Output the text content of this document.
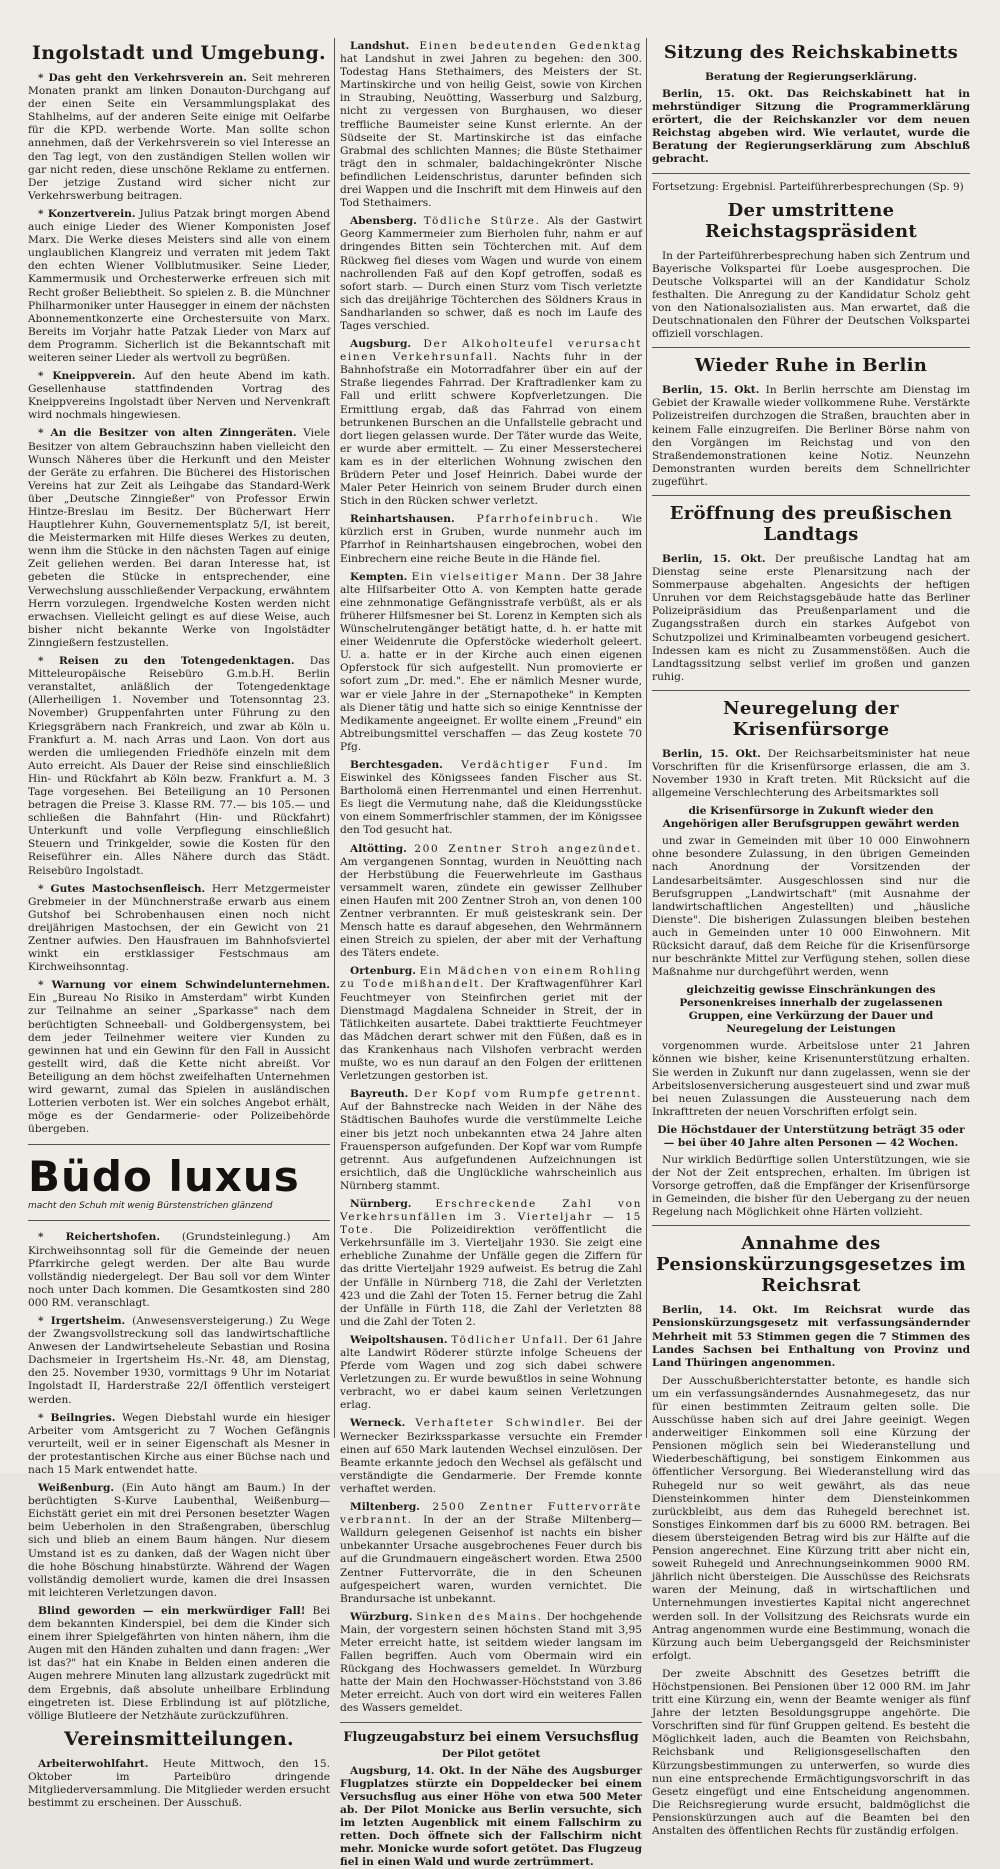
Ingolstadt und Umgebung.

* Das geht den Verkehrsverein an. Seit mehreren Monaten prankt am linken Donauton-Durchgang auf der einen Seite ein Versammlungsplakat des Stahlhelms, auf der anderen Seite einige mit Oelfarbe für die KPD. werbende Worte. Man sollte schon annehmen, daß der Verkehrsverein so viel Interesse an den Tag legt, von den zuständigen Stellen wollen wir gar nicht reden, diese unschöne Reklame zu entfernen. Der jetzige Zustand wird sicher nicht zur Verkehrswerbung beitragen.

* Konzertverein. Julius Patzak bringt morgen Abend auch einige Lieder des Wiener Komponisten Josef Marx. Die Werke dieses Meisters sind alle von einem unglaublichen Klangreiz und verraten mit jedem Takt den echten Wiener Vollblutmusiker. Seine Lieder, Kammermusik und Orchesterwerke erfreuen sich mit Recht großer Beliebtheit. So spielen z. B. die Münchner Philharmoniker unter Hausegger in einem der nächsten Abonnementkonzerte eine Orchestersuite von Marx. Bereits im Vorjahr hatte Patzak Lieder von Marx auf dem Programm. Sicherlich ist die Bekanntschaft mit weiteren seiner Lieder als wertvoll zu begrüßen.

* Kneippverein. Auf den heute Abend im kath. Gesellenhause stattfindenden Vortrag des Kneippvereins Ingolstadt über Nerven und Nervenkraft wird nochmals hingewiesen.

* An die Besitzer von alten Zinngeräten. Viele Besitzer von altem Gebrauchszinn haben vielleicht den Wunsch Näheres über die Herkunft und den Meister der Geräte zu erfahren. Die Bücherei des Historischen Vereins hat zur Zeit als Leihgabe das Standard-Werk über „Deutsche Zinngießer" von Professor Erwin Hintze-Breslau im Besitz. Der Bücherwart Herr Hauptlehrer Kuhn, Gouvernementsplatz 5/I, ist bereit, die Meistermarken mit Hilfe dieses Werkes zu deuten, wenn ihm die Stücke in den nächsten Tagen auf einige Zeit geliehen werden. Bei daran Interesse hat, ist gebeten die Stücke in entsprechender, eine Verwechslung ausschließender Verpackung, erwähntem Herrn vorzulegen. Irgendwelche Kosten werden nicht erwachsen. Vielleicht gelingt es auf diese Weise, auch bisher nicht bekannte Werke von Ingolstädter Zinngießern festzustellen.

* Reisen zu den Totengedenktagen. Das Mitteleuropäische Reisebüro G.m.b.H. Berlin veranstaltet, anläßlich der Totengedenktage (Allerheiligen 1. November und Totensonntag 23. November) Gruppenfahrten unter Führung zu den Kriegsgräbern nach Frankreich, und zwar ab Köln u. Frankfurt a. M. nach Arras und Laon. Von dort aus werden die umliegenden Friedhöfe einzeln mit dem Auto erreicht. Als Dauer der Reise sind einschließlich Hin- und Rückfahrt ab Köln bezw. Frankfurt a. M. 3 Tage vorgesehen. Bei Beteiligung an 10 Personen betragen die Preise 3. Klasse RM. 77.— bis 105.— und schließen die Bahnfahrt (Hin- und Rückfahrt) Unterkunft und volle Verpflegung einschließlich Steuern und Trinkgelder, sowie die Kosten für den Reiseführer ein. Alles Nähere durch das Städt. Reisebüro Ingolstadt.

* Gutes Mastochsenfleisch. Herr Metzgermeister Grebmeier in der Münchnerstraße erwarb aus einem Gutshof bei Schrobenhausen einen noch nicht dreijährigen Mastochsen, der ein Gewicht von 21 Zentner aufwies. Den Hausfrauen im Bahnhofsviertel winkt ein erstklassiger Festschmaus am Kirchweihsonntag.

* Warnung vor einem Schwindelunternehmen. Ein „Bureau No Risiko in Amsterdam" wirbt Kunden zur Teilnahme an seiner „Sparkasse" nach dem berüchtigten Schneeball- und Goldbergensystem, bei dem jeder Teilnehmer weitere vier Kunden zu gewinnen hat und ein Gewinn für den Fall in Aussicht gestellt wird, daß die Kette nicht abreißt. Vor Beteiligung an dem höchst zweifelhaften Unternehmen wird gewarnt, zumal das Spielen in ausländischen Lotterien verboten ist. Wer ein solches Angebot erhält, möge es der Gendarmerie- oder Polizeibehörde übergeben.

Büdo luxus
macht den Schuh mit wenig Bürstenstrichen glänzend

* Reichertshofen. (Grundsteinlegung.) Am Kirchweihsonntag soll für die Gemeinde der neuen Pfarrkirche gelegt werden. Der alte Bau wurde vollständig niedergelegt. Der Bau soll vor dem Winter noch unter Dach kommen. Die Gesamtkosten sind 280 000 RM. veranschlagt.

* Irgertsheim. (Anwesensversteigerung.) Zu Wege der Zwangsvollstreckung soll das landwirtschaftliche Anwesen der Landwirtseheleute Sebastian und Rosina Dachsmeier in Irgertsheim Hs.-Nr. 48, am Dienstag, den 25. November 1930, vormittags 9 Uhr im Notariat Ingolstadt II, Harderstraße 22/I öffentlich versteigert werden.

* Beilngries. Wegen Diebstahl wurde ein hiesiger Arbeiter vom Amtsgericht zu 7 Wochen Gefängnis verurteilt, weil er in seiner Eigenschaft als Mesner in der protestantischen Kirche aus einer Büchse nach und nach 15 Mark entwendet hatte.

Weißenburg. (Ein Auto hängt am Baum.) In der berüchtigten S-Kurve Laubenthal, Weißenburg—Eichstätt geriet ein mit drei Personen besetzter Wagen beim Ueberholen in den Straßengraben, überschlug sich und blieb an einem Baum hängen. Nur diesem Umstand ist es zu danken, daß der Wagen nicht über die hohe Böschung hinabstürzte. Während der Wagen vollständig demoliert wurde, kamen die drei Insassen mit leichteren Verletzungen davon.

Blind geworden — ein merkwürdiger Fall! Bei dem bekannten Kinderspiel, bei dem die Kinder sich einem ihrer Spielgefährten von hinten nähern, ihm die Augen mit den Händen zuhalten und dann fragen: „Wer ist das?" hat ein Knabe in Belden einen anderen die Augen mehrere Minuten lang allzustark zugedrückt mit dem Ergebnis, daß absolute unheilbare Erblindung eingetreten ist. Diese Erblindung ist auf plötzliche, völlige Blutleere der Netzhäute zurückzuführen.

Vereinsmitteilungen.

Arbeiterwohlfahrt. Heute Mittwoch, den 15. Oktober im Parteibüro dringende Mitgliederversammlung. Die Mitglieder werden ersucht bestimmt zu erscheinen. Der Ausschuß.

Landshut. Einen bedeutenden Gedenktag hat Landshut in zwei Jahren zu begehen: den 300. Todestag Hans Stethaimers, des Meisters der St. Martinskirche und von heilig Geist, sowie von Kirchen in Straubing, Neuötting, Wasserburg und Salzburg, nicht zu vergessen von Burghausen, wo dieser treffliche Baumeister seine Kunst erlernte. An der Südseite der St. Martinskirche ist das einfache Grabmal des schlichten Mannes; die Büste Stethaimer trägt den in schmaler, baldachingekrönter Nische befindlichen Leidenschristus, darunter befinden sich drei Wappen und die Inschrift mit dem Hinweis auf den Tod Stethaimers.

Abensberg. Tödliche Stürze. Als der Gastwirt Georg Kammermeier zum Bierholen fuhr, nahm er auf dringendes Bitten sein Töchterchen mit. Auf dem Rückweg fiel dieses vom Wagen und wurde von einem nachrollenden Faß auf den Kopf getroffen, sodaß es sofort starb. — Durch einen Sturz vom Tisch verletzte sich das dreijährige Töchterchen des Söldners Kraus in Sandharlanden so schwer, daß es noch im Laufe des Tages verschied.

Augsburg. Der Alkoholteufel verursacht einen Verkehrsunfall. Nachts fuhr in der Bahnhofstraße ein Motorradfahrer über ein auf der Straße liegendes Fahrrad. Der Kraftradlenker kam zu Fall und erlitt schwere Kopfverletzungen. Die Ermittlung ergab, daß das Fahrrad von einem betrunkenen Burschen an die Unfallstelle gebracht und dort liegen gelassen wurde. Der Täter wurde das Weite, er wurde aber ermittelt. — Zu einer Messerstecherei kam es in der elterlichen Wohnung zwischen den Brüdern Peter und Josef Heinrich. Dabei wurde der Maler Peter Heinrich von seinem Bruder durch einen Stich in den Rücken schwer verletzt.

Reinhartshausen. Pfarrhofeinbruch. Wie kürzlich erst in Gruben, wurde nunmehr auch im Pfarrhof in Reinhartshausen eingebrochen, wobei den Einbrechern eine reiche Beute in die Hände fiel.

Kempten. Ein vielseitiger Mann. Der 38 Jahre alte Hilfsarbeiter Otto A. von Kempten hatte gerade eine zehnmonatige Gefängnisstrafe verbüßt, als er als früherer Hilfsmesner bei St. Lorenz in Kempten sich als Wünschelrutengänger betätigt hatte, d. h. er hatte mit einer Weidenrute die Opferstöcke wiederholt geleert. U. a. hatte er in der Kirche auch einen eigenen Opferstock für sich aufgestellt. Nun promovierte er sofort zum „Dr. med.". Ehe er nämlich Mesner wurde, war er viele Jahre in der „Sternapotheke" in Kempten als Diener tätig und hatte sich so einige Kenntnisse der Medikamente angeeignet. Er wollte einem „Freund" ein Abtreibungsmittel verschaffen — das Zeug kostete 70 Pfg.

Berchtesgaden. Verdächtiger Fund. Im Eiswinkel des Königssees fanden Fischer aus St. Bartholomä einen Herrenmantel und einen Herrenhut. Es liegt die Vermutung nahe, daß die Kleidungsstücke von einem Sommerfrischler stammen, der im Königssee den Tod gesucht hat.

Altötting. 200 Zentner Stroh angezündet. Am vergangenen Sonntag, wurden in Neuötting nach der Herbstübung die Feuerwehrleute im Gasthaus versammelt waren, zündete ein gewisser Zellhuber einen Haufen mit 200 Zentner Stroh an, von denen 100 Zentner verbrannten. Er muß geisteskrank sein. Der Mensch hatte es darauf abgesehen, den Wehrmännern einen Streich zu spielen, der aber mit der Verhaftung des Täters endete.

Ortenburg. Ein Mädchen von einem Rohling zu Tode mißhandelt. Der Kraftwagenführer Karl Feuchtmeyer von Steinfirchen geriet mit der Dienstmagd Magdalena Schneider in Streit, der in Tätlichkeiten ausartete. Dabei trakttierte Feuchtmeyer das Mädchen derart schwer mit den Füßen, daß es in das Krankenhaus nach Vilshofen verbracht werden mußte, wo es nun darauf an den Folgen der erlittenen Verletzungen gestorben ist.

Bayreuth. Der Kopf vom Rumpfe getrennt. Auf der Bahnstrecke nach Weiden in der Nähe des Städtischen Bauhofes wurde die verstümmelte Leiche einer bis jetzt noch unbekannten etwa 24 Jahre alten Frauensperson aufgefunden. Der Kopf war vom Rumpfe getrennt. Aus aufgefundenen Aufzeichnungen ist ersichtlich, daß die Unglückliche wahrscheinlich aus Nürnberg stammt.

Nürnberg. Erschreckende Zahl von Verkehrsunfällen im 3. Vierteljahr — 15 Tote. Die Polizeidirektion veröffentlicht die Verkehrsunfälle im 3. Vierteljahr 1930. Sie zeigt eine erhebliche Zunahme der Unfälle gegen die Ziffern für das dritte Vierteljahr 1929 aufweist. Es betrug die Zahl der Unfälle in Nürnberg 718, die Zahl der Verletzten 423 und die Zahl der Toten 15. Ferner betrug die Zahl der Unfälle in Fürth 118, die Zahl der Verletzten 88 und die Zahl der Toten 2.

Weipoltshausen. Tödlicher Unfall. Der 61 Jahre alte Landwirt Röderer stürzte infolge Scheuens der Pferde vom Wagen und zog sich dabei schwere Verletzungen zu. Er wurde bewußtlos in seine Wohnung verbracht, wo er dabei kaum seinen Verletzungen erlag.

Werneck. Verhafteter Schwindler. Bei der Wernecker Bezirkssparkasse versuchte ein Fremder einen auf 650 Mark lautenden Wechsel einzulösen. Der Beamte erkannte jedoch den Wechsel als gefälscht und verständigte die Gendarmerie. Der Fremde konnte verhaftet werden.

Miltenberg. 2500 Zentner Futtervorräte verbrannt. In der an der Straße Miltenberg—Walldurn gelegenen Geisenhof ist nachts ein bisher unbekannter Ursache ausgebrochenes Feuer durch bis auf die Grundmauern eingeäschert worden. Etwa 2500 Zentner Futtervorräte, die in den Scheunen aufgespeichert waren, wurden vernichtet. Die Brandursache ist unbekannt.

Würzburg. Sinken des Mains. Der hochgehende Main, der vorgestern seinen höchsten Stand mit 3,95 Meter erreicht hatte, ist seitdem wieder langsam im Fallen begriffen. Auch vom Obermain wird ein Rückgang des Hochwassers gemeldet. In Würzburg hatte der Main den Hochwasser-Höchststand von 3.86 Meter erreicht. Auch von dort wird ein weiteres Fallen des Wassers gemeldet.

Flugzeugabsturz bei einem Versuchsflug
Der Pilot getötet

Augsburg, 14. Okt. In der Nähe des Augsburger Flugplatzes stürzte ein Doppeldecker bei einem Versuchsflug aus einer Höhe von etwa 500 Meter ab. Der Pilot Monicke aus Berlin versuchte, sich im letzten Augenblick mit einem Fallschirm zu retten. Doch öffnete sich der Fallschirm nicht mehr. Monicke wurde sofort getötet. Das Flugzeug fiel in einen Wald und wurde zertrümmert.

Sitzung des Reichskabinetts
Beratung der Regierungserklärung.

Berlin, 15. Okt. Das Reichskabinett hat in mehrstündiger Sitzung die Programmerklärung erörtert, die der Reichskanzler vor dem neuen Reichstag abgeben wird. Wie verlautet, wurde die Beratung der Regierungserklärung zum Abschluß gebracht.

Fortsetzung: Ergebnisl. Parteiführerbesprechungen (Sp. 9)
Der umstrittene Reichstagspräsident

In der Parteiführerbesprechung haben sich Zentrum und Bayerische Volkspartei für Loebe ausgesprochen. Die Deutsche Volkspartei will an der Kandidatur Scholz festhalten. Die Anregung zu der Kandidatur Scholz geht von den Nationalsozialisten aus. Man erwartet, daß die Deutschnationalen den Führer der Deutschen Volkspartei offiziell vorschlagen.

Wieder Ruhe in Berlin

Berlin, 15. Okt. In Berlin herrschte am Dienstag im Gebiet der Krawalle wieder vollkommene Ruhe. Verstärkte Polizeistreifen durchzogen die Straßen, brauchten aber in keinem Falle einzugreifen. Die Berliner Börse nahm von den Vorgängen im Reichstag und von den Straßendemonstrationen keine Notiz. Neunzehn Demonstranten wurden bereits dem Schnellrichter zugeführt.

Eröffnung des preußischen Landtags

Berlin, 15. Okt. Der preußische Landtag hat am Dienstag seine erste Plenarsitzung nach der Sommerpause abgehalten. Angesichts der heftigen Unruhen vor dem Reichstagsgebäude hatte das Berliner Polizeipräsidium das Preußenparlament und die Zugangsstraßen durch ein starkes Aufgebot von Schutzpolizei und Kriminalbeamten vorbeugend gesichert. Indessen kam es nicht zu Zusammenstößen. Auch die Landtagssitzung selbst verlief im großen und ganzen ruhig.

Neuregelung der Krisenfürsorge

Berlin, 15. Okt. Der Reichsarbeitsminister hat neue Vorschriften für die Krisenfürsorge erlassen, die am 3. November 1930 in Kraft treten. Mit Rücksicht auf die allgemeine Verschlechterung des Arbeitsmarktes soll

die Krisenfürsorge in Zukunft wieder den Angehörigen aller Berufsgruppen gewährt werden

und zwar in Gemeinden mit über 10 000 Einwohnern ohne besondere Zulassung, in den übrigen Gemeinden nach Anordnung der Vorsitzenden der Landesarbeitsämter. Ausgeschlossen sind nur die Berufsgruppen „Landwirtschaft" (mit Ausnahme der landwirtschaftlichen Angestellten) und „häusliche Dienste". Die bisherigen Zulassungen bleiben bestehen auch in Gemeinden unter 10 000 Einwohnern. Mit Rücksicht darauf, daß dem Reiche für die Krisenfürsorge nur beschränkte Mittel zur Verfügung stehen, sollen diese Maßnahme nur durchgeführt werden, wenn

gleichzeitig gewisse Einschränkungen des Personenkreises innerhalb der zugelassenen Gruppen, eine Verkürzung der Dauer und Neuregelung der Leistungen

vorgenommen wurde. Arbeitslose unter 21 Jahren können wie bisher, keine Krisenunterstützung erhalten. Sie werden in Zukunft nur dann zugelassen, wenn sie der Arbeitslosenversicherung ausgesteuert sind und zwar muß bei neuen Zulassungen die Aussteuerung nach dem Inkrafttreten der neuen Vorschriften erfolgt sein.

Die Höchstdauer der Unterstützung beträgt 35 oder — bei über 40 Jahre alten Personen — 42 Wochen.

Nur wirklich Bedürftige sollen Unterstützungen, wie sie der Not der Zeit entsprechen, erhalten. Im übrigen ist Vorsorge getroffen, daß die Empfänger der Krisenfürsorge in Gemeinden, die bisher für den Uebergang zu der neuen Regelung nach Möglichkeit ohne Härten vollzieht.

Annahme des Pensionskürzungsgesetzes im Reichsrat

Berlin, 14. Okt. Im Reichsrat wurde das Pensionskürzungsgesetz mit verfassungsändernder Mehrheit mit 53 Stimmen gegen die 7 Stimmen des Landes Sachsen bei Enthaltung von Provinz und Land Thüringen angenommen.

Der Ausschußberichterstatter betonte, es handle sich um ein verfassungsänderndes Ausnahmegesetz, das nur für einen bestimmten Zeitraum gelten solle. Die Ausschüsse haben sich auf drei Jahre geeinigt. Wegen anderweitiger Einkommen soll eine Kürzung der Pensionen möglich sein bei Wiederanstellung und Wiederbeschäftigung, bei sonstigem Einkommen aus öffentlicher Versorgung. Bei Wiederanstellung wird das Ruhegeld nur so weit gewährt, als das neue Diensteinkommen hinter dem Diensteinkommen zurückbleibt, aus dem das Ruhegeld berechnet ist. Sonstiges Einkommen darf bis zu 6000 RM. betragen. Bei diesem übersteigenden Betrag wird bis zur Hälfte auf die Pension angerechnet. Eine Kürzung tritt aber nicht ein, soweit Ruhegeld und Anrechnungseinkommen 9000 RM. jährlich nicht übersteigen. Die Ausschüsse des Reichsrats waren der Meinung, daß in wirtschaftlichen und Unternehmungen investiertes Kapital nicht angerechnet werden soll. In der Vollsitzung des Reichsrats wurde ein Antrag angenommen wurde eine Bestimmung, wonach die Kürzung auch beim Uebergangsgeld der Reichsminister erfolgt.

Der zweite Abschnitt des Gesetzes betrifft die Höchstpensionen. Bei Pensionen über 12 000 RM. im Jahr tritt eine Kürzung ein, wenn der Beamte weniger als fünf Jahre der letzten Besoldungsgruppe angehörte. Die Vorschriften sind für fünf Gruppen geltend. Es besteht die Möglichkeit laden, auch die Beamten von Reichsbahn, Reichsbank und Religionsgesellschaften den Kürzungsbestimmungen zu unterwerfen, so wurde dies nun eine entsprechende Ermächtigungsvorschrift in das Gesetz eingefügt und eine Entscheidung angenommen. Die Reichsregierung wurde ersucht, baldmöglichst die Pensionskürzungen auch auf die Beamten bei den Anstalten des öffentlichen Rechts für zuständig erfolgen.
